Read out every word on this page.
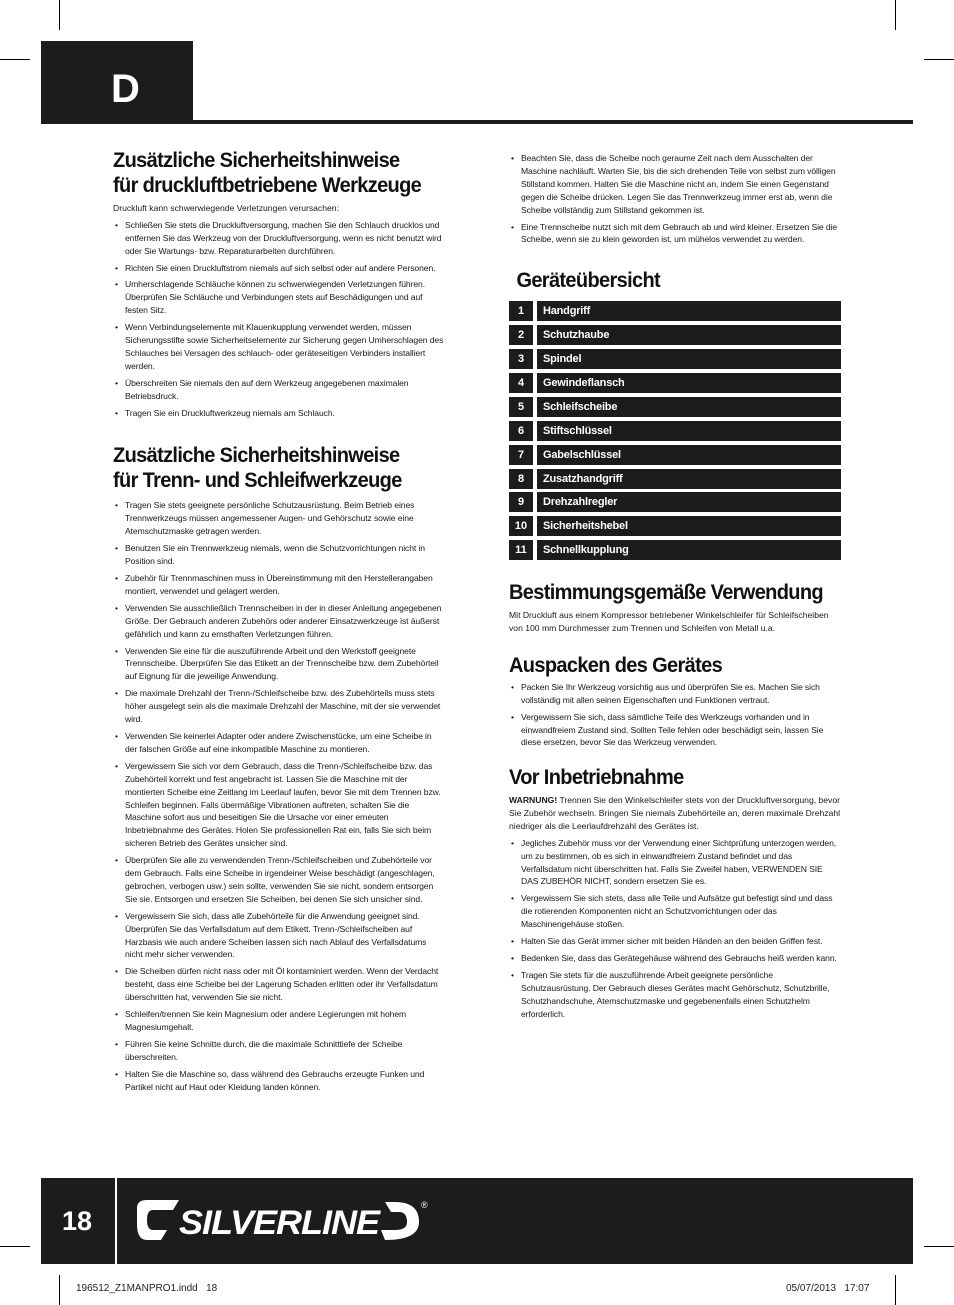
D
Zusätzliche Sicherheitshinweise
für druckluftbetriebene Werkzeuge

Druckluft kann schwerwiegende Verletzungen verursachen:

• Schließen Sie stets die Druckluftversorgung, machen Sie den Schlauch drucklos und entfernen Sie das Werkzeug von der Druckluftversorgung, wenn es nicht benutzt wird oder Sie Wartungs- bzw. Reparaturarbeiten durchführen.
• Richten Sie einen Druckluftstrom niemals auf sich selbst oder auf andere Personen.
• Umherschlagende Schläuche können zu schwerwiegenden Verletzungen führen. Überprüfen Sie Schläuche und Verbindungen stets auf Beschädigungen und auf festen Sitz.
• Wenn Verbindungselemente mit Klauenkupplung verwendet werden, müssen Sicherungsstifte sowie Sicherheitselemente zur Sicherung gegen Umherschlagen des Schlauches bei Versagen des schlauch- oder geräteseitigen Verbinders installiert werden.
• Überschreiten Sie niemals den auf dem Werkzeug angegebenen maximalen Betriebsdruck.
• Tragen Sie ein Druckluftwerkzeug niemals am Schlauch.
Zusätzliche Sicherheitshinweise
für Trenn- und Schleifwerkzeuge
• Tragen Sie stets geeignete persönliche Schutzausrüstung. Beim Betrieb eines Trennwerkzeugs müssen angemessener Augen- und Gehörschutz sowie eine Atemschutzmaske getragen werden.
• Benutzen Sie ein Trennwerkzeug niemals, wenn die Schutzvorrichtungen nicht in Position sind.
• Zubehör für Trennmaschinen muss in Übereinstimmung mit den Herstellerangaben montiert, verwendet und gelagert werden.
• Verwenden Sie ausschließlich Trennscheiben in der in dieser Anleitung angegebenen Größe. Der Gebrauch anderen Zubehörs oder anderer Einsatzwerkzeuge ist äußerst gefährlich und kann zu ernsthaften Verletzungen führen.
• Verwenden Sie eine für die auszuführende Arbeit und den Werkstoff geeignete Trennscheibe. Überprüfen Sie das Etikett an der Trennscheibe bzw. dem Zubehörteil auf Eignung für die jeweilige Anwendung.
• Die maximale Drehzahl der Trenn-/Schleifscheibe bzw. des Zubehörteils muss stets höher ausgelegt sein als die maximale Drehzahl der Maschine, mit der sie verwendet wird.
• Verwenden Sie keinerlei Adapter oder andere Zwischenstücke, um eine Scheibe in der falschen Größe auf eine inkompatible Maschine zu montieren.
• Vergewissern Sie sich vor dem Gebrauch, dass die Trenn-/Schleifscheibe bzw. das Zubehörteil korrekt und fest angebracht ist. Lassen Sie die Maschine mit der montierten Scheibe eine Zeitlang im Leerlauf laufen, bevor Sie mit dem Trennen bzw. Schleifen beginnen. Falls übermäßige Vibrationen auftreten, schalten Sie die Maschine sofort aus und beseitigen Sie die Ursache vor einer erneuten Inbetriebnahme des Gerätes. Holen Sie professionellen Rat ein, falls Sie sich beim sicheren Betrieb des Gerätes unsicher sind.
• Überprüfen Sie alle zu verwendenden Trenn-/Schleifscheiben und Zubehörteile vor dem Gebrauch. Falls eine Scheibe in irgendeiner Weise beschädigt (angeschlagen, gebrochen, verbogen usw.) sein sollte, verwenden Sie sie nicht, sondern entsorgen Sie sie. Entsorgen und ersetzen Sie Scheiben, bei denen Sie sich unsicher sind.
• Vergewissern Sie sich, dass alle Zubehörteile für die Anwendung geeignet sind. Überprüfen Sie das Verfallsdatum auf dem Etikett. Trenn-/Schleifscheiben auf Harzbasis wie auch andere Scheiben lassen sich nach Ablauf des Verfallsdatums nicht mehr sicher verwenden.
• Die Scheiben dürfen nicht nass oder mit Öl kontaminiert werden. Wenn der Verdacht besteht, dass eine Scheibe bei der Lagerung Schaden erlitten oder ihr Verfallsdatum überschritten hat, verwenden Sie sie nicht.
• Schleifen/trennen Sie kein Magnesium oder andere Legierungen mit hohem Magnesiumgehalt.
• Führen Sie keine Schnitte durch, die die maximale Schnitttiefe der Scheibe überschreiten.
• Halten Sie die Maschine so, dass während des Gebrauchs erzeugte Funken und Partikel nicht auf Haut oder Kleidung landen können.
• Beachten Sie, dass die Scheibe noch geraume Zeit nach dem Ausschalten der Maschine nachläuft. Warten Sie, bis die sich drehenden Teile von selbst zum völligen Stillstand kommen. Halten Sie die Maschine nicht an, indem Sie einen Gegenstand gegen die Scheibe drücken. Legen Sie das Trennwerkzeug immer erst ab, wenn die Scheibe vollständig zum Stillstand gekommen ist.
• Eine Trennscheibe nutzt sich mit dem Gebrauch ab und wird kleiner. Ersetzen Sie die Scheibe, wenn sie zu klein geworden ist, um mühelos verwendet zu werden.
Geräteübersicht
1	Handgriff
2	Schutzhaube
3	Spindel
4	Gewindeflansch
5	Schleifscheibe
6	Stiftschlüssel
7	Gabelschlüssel
8	Zusatzhandgriff
9	Drehzahlregler
10	Sicherheitshebel
11	Schnellkupplung
Bestimmungsgemäße Verwendung

Mit Druckluft aus einem Kompressor betriebener Winkelschleifer für Schleifscheiben von 100 mm Durchmesser zum Trennen und Schleifen von Metall u.a.

Auspacken des Gerätes
• Packen Sie Ihr Werkzeug vorsichtig aus und überprüfen Sie es. Machen Sie sich vollständig mit allen seinen Eigenschaften und Funktionen vertraut.
• Vergewissern Sie sich, dass sämtliche Teile des Werkzeugs vorhanden und in einwandfreiem Zustand sind. Sollten Teile fehlen oder beschädigt sein, lassen Sie diese ersetzen, bevor Sie das Werkzeug verwenden.
Vor Inbetriebnahme

WARNUNG! Trennen Sie den Winkelschleifer stets von der Druckluftversorgung, bevor Sie Zubehör wechseln. Bringen Sie niemals Zubehörteile an, deren maximale Drehzahl niedriger als die Leerlaufdrehzahl des Gerätes ist.

• Jegliches Zubehör muss vor der Verwendung einer Sichtprüfung unterzogen werden, um zu bestimmen, ob es sich in einwandfreiem Zustand befindet und das Verfallsdatum nicht überschritten hat. Falls Sie Zweifel haben, VERWENDEN SIE DAS ZUBEHÖR NICHT, sondern ersetzen Sie es.
• Vergewissern Sie sich stets, dass alle Teile und Aufsätze gut befestigt sind und dass die rotierenden Komponenten nicht an Schutzvorrichtungen oder das Maschinengehäuse stoßen.
• Halten Sie das Gerät immer sicher mit beiden Händen an den beiden Griffen fest.
• Bedenken Sie, dass das Gerätegehäuse während des Gebrauchs heiß werden kann.
• Tragen Sie stets für die auszuführende Arbeit geeignete persönliche Schutzausrüstung. Der Gebrauch dieses Gerätes macht Gehörschutz, Schutzbrille, Schutzhandschuhe, Atemschutzmaske und gegebenenfalls einen Schutzhelm erforderlich.
18	SILVERLINE	®
196512_Z1MANPRO1.indd   18	05/07/2013   17:07
